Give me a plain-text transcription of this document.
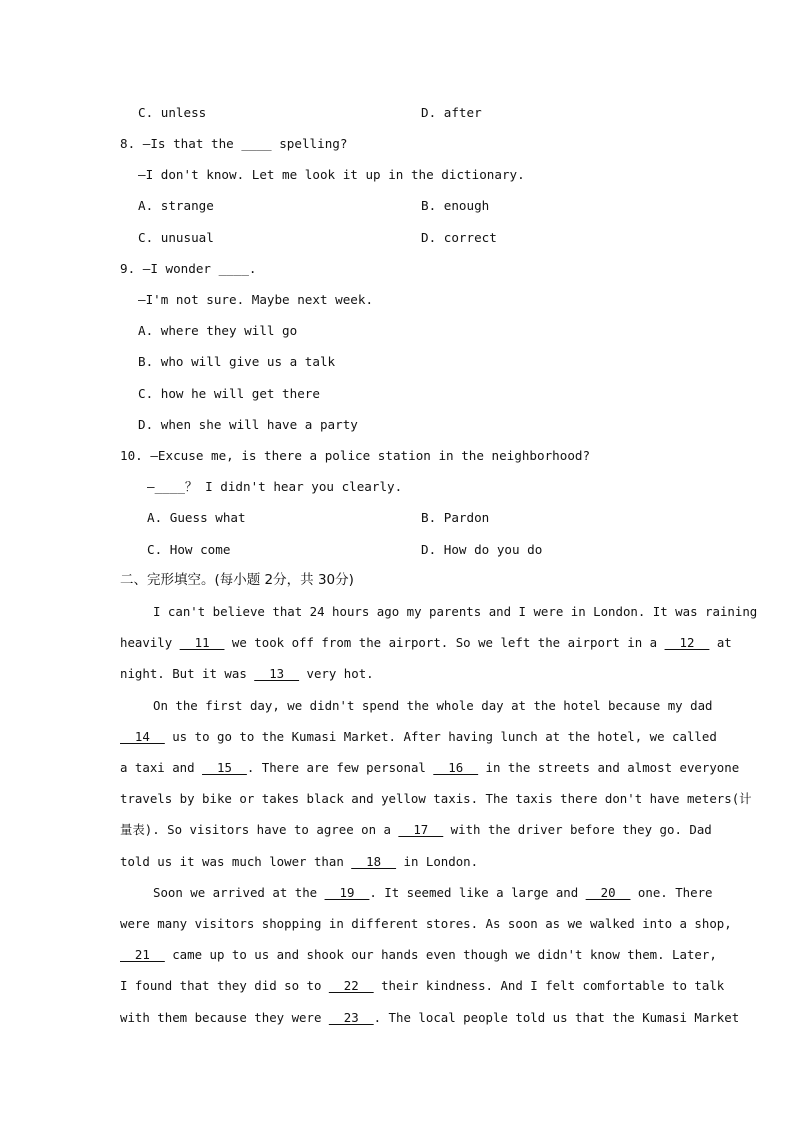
C. unless	D. after
8. —Is that the ____ spelling?
—I don't know. Let me look it up in the dictionary.
A. strange	B. enough
C. unusual	D. correct
9. —I wonder ____.
—I'm not sure. Maybe next week.
A. where they will go
B. who will give us a talk
C. how he will get there
D. when she will have a party
10. —Excuse me, is there a police station in the neighborhood?
—____？ I didn't hear you clearly.
A. Guess what	B. Pardon
C. How come	D. How do you do
二、完形填空。(每小题 2分，共 30分)
I can't believe that 24 hours ago my parents and I were in London. It was raining
heavily __11__ we took off from the airport. So we left the airport in a __12__ at
night. But it was __13__ very hot.
On the first day, we didn't spend the whole day at the hotel because my dad
__14__ us to go to the Kumasi Market. After having lunch at the hotel, we called
a taxi and __15__. There are few personal __16__ in the streets and almost everyone
travels by bike or takes black and yellow taxis. The taxis there don't have meters(计
量表). So visitors have to agree on a __17__ with the driver before they go. Dad
told us it was much lower than __18__ in London.
Soon we arrived at the __19__. It seemed like a large and __20__ one. There
were many visitors shopping in different stores. As soon as we walked into a shop,
__21__ came up to us and shook our hands even though we didn't know them. Later,
I found that they did so to __22__ their kindness. And I felt comfortable to talk
with them because they were __23__. The local people told us that the Kumasi Market
